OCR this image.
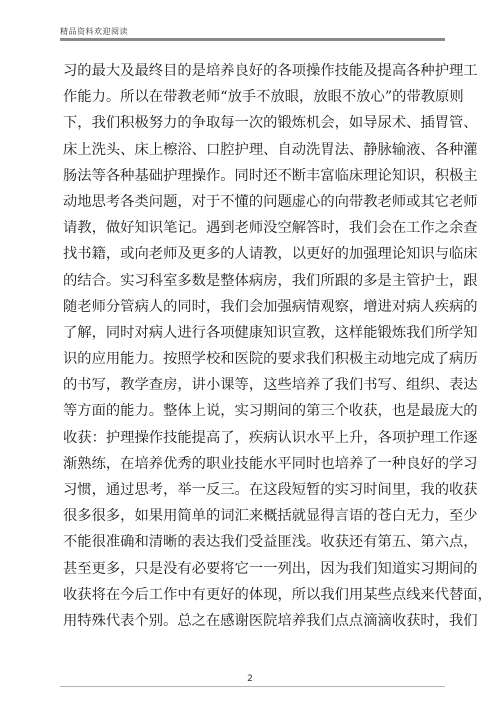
精品资料欢迎阅读
习的最大及最终目的是培养良好的各项操作技能及提高各种护理工
作能力。所以在带教老师“放手不放眼，放眼不放心”的带教原则
下，我们积极努力的争取每一次的锻炼机会，如导尿术、插胃管、
床上洗头、床上檫浴、口腔护理、自动洗胃法、静脉输液、各种灌
肠法等各种基础护理操作。同时还不断丰富临床理论知识，积极主
动地思考各类问题，对于不懂的问题虚心的向带教老师或其它老师
请教，做好知识笔记。遇到老师没空解答时，我们会在工作之余查
找书籍，或向老师及更多的人请教，以更好的加强理论知识与临床
的结合。实习科室多数是整体病房，我们所跟的多是主管护士，跟
随老师分管病人的同时，我们会加强病情观察，增进对病人疾病的
了解，同时对病人进行各项健康知识宣教，这样能锻炼我们所学知
识的应用能力。按照学校和医院的要求我们积极主动地完成了病历
的书写，教学查房，讲小课等，这些培养了我们书写、组织、表达
等方面的能力。整体上说，实习期间的第三个收获，也是最庞大的
收获：护理操作技能提高了，疾病认识水平上升，各项护理工作逐
渐熟练，在培养优秀的职业技能水平同时也培养了一种良好的学习
习惯，通过思考，举一反三。在这段短暂的实习时间里，我的收获
很多很多，如果用简单的词汇来概括就显得言语的苍白无力，至少
不能很准确和清晰的表达我们受益匪浅。收获还有第五、第六点，
甚至更多，只是没有必要将它一一列出，因为我们知道实习期间的
收获将在今后工作中有更好的体现，所以我们用某些点线来代替面，
用特殊代表个别。总之在感谢医院培养我们点点滴滴收获时，我们
2
